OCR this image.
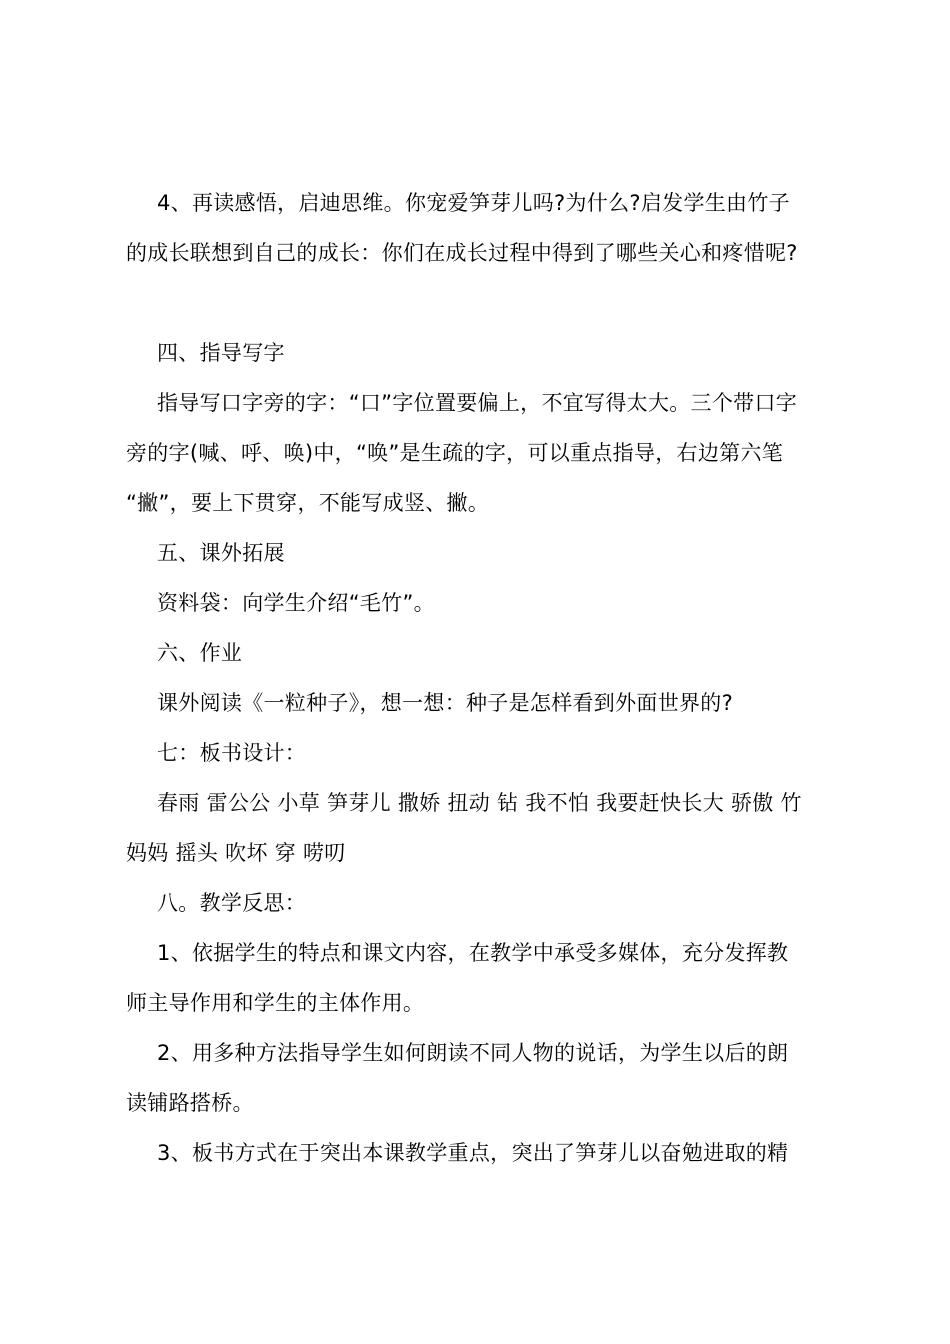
4、再读感悟，启迪思维。你宠爱笋芽儿吗?为什么?启发学生由竹子
的成长联想到自己的成长：你们在成长过程中得到了哪些关心和疼惜呢?
四、指导写字
指导写口字旁的字：“口”字位置要偏上，不宜写得太大。三个带口字
旁的字(喊、呼、唤)中，“唤”是生疏的字，可以重点指导，右边第六笔
“撇”，要上下贯穿，不能写成竖、撇。
五、课外拓展
资料袋：向学生介绍“毛竹”。
六、作业
课外阅读《一粒种子》，想一想：种子是怎样看到外面世界的?
七：板书设计：
春雨 雷公公 小草 笋芽儿 撒娇 扭动 钻 我不怕 我要赶快长大 骄傲 竹
妈妈 摇头 吹坏 穿 唠叨
八。教学反思：
1、依据学生的特点和课文内容，在教学中承受多媒体，充分发挥教
师主导作用和学生的主体作用。
2、用多种方法指导学生如何朗读不同人物的说话，为学生以后的朗
读铺路搭桥。
3、板书方式在于突出本课教学重点，突出了笋芽儿以奋勉进取的精
